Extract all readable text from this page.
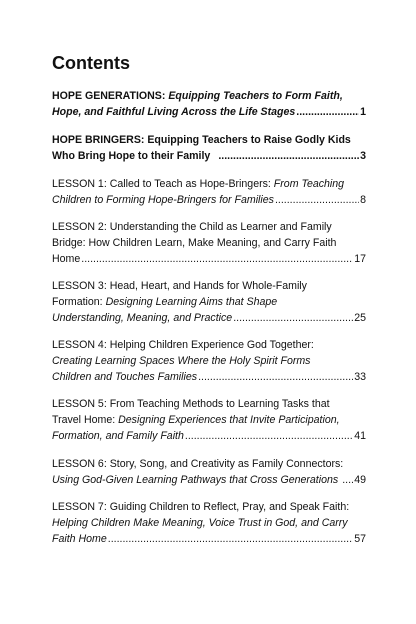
Contents
HOPE GENERATIONS: Equipping Teachers to Form Faith,
Hope, and Faithful Living Across the Life Stages .....	1
HOPE BRINGERS: Equipping Teachers to Raise Godly Kids
Who Bring Hope to their Family .....	3
LESSON 1: Called to Teach as Hope-Bringers: From Teaching
Children to Forming Hope-Bringers for Families .....	8
LESSON 2: Understanding the Child as Learner and Family
Bridge: How Children Learn, Make Meaning, and Carry Faith
Home .....	17
LESSON 3: Head, Heart, and Hands for Whole-Family
Formation: Designing Learning Aims that Shape
Understanding, Meaning, and Practice .....	25
LESSON 4: Helping Children Experience God Together:
Creating Learning Spaces Where the Holy Spirit Forms
Children and Touches Families .....	33
LESSON 5: From Teaching Methods to Learning Tasks that
Travel Home: Designing Experiences that Invite Participation,
Formation, and Family Faith .....	41
LESSON 6: Story, Song, and Creativity as Family Connectors:
Using God-Given Learning Pathways that Cross Generations ..... 49
LESSON 7: Guiding Children to Reflect, Pray, and Speak Faith:
Helping Children Make Meaning, Voice Trust in God, and Carry
Faith Home .....	57
